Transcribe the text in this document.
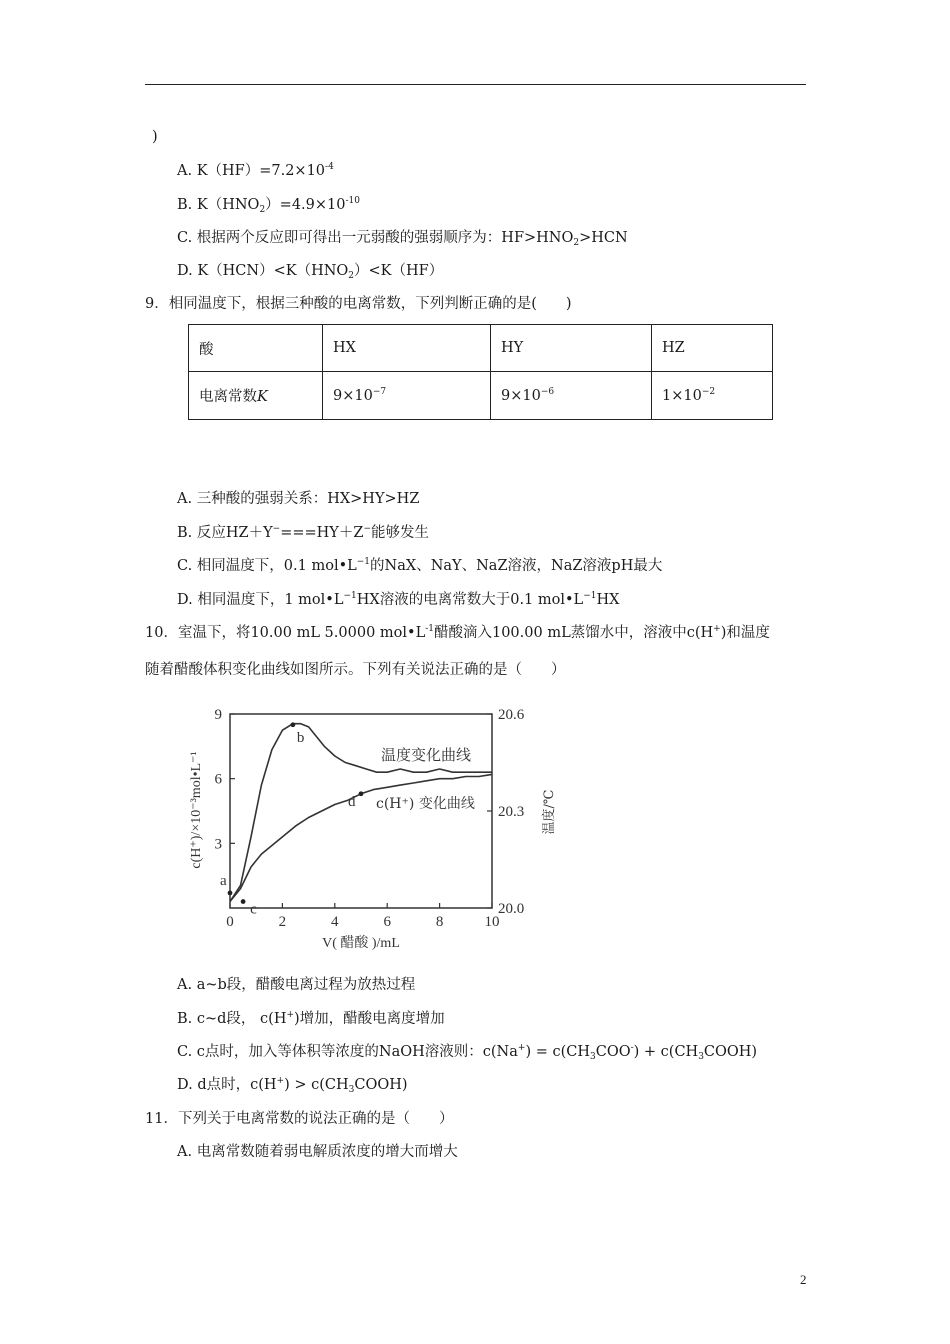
)
A. $K(HF)=7.2\times 10^{-4}$
B. $K(HNO_2)=4.9\times 10^{-10}$
C. 根据两个反应即可得出一元弱酸的强弱顺序为：$HF>HNO_2>HCN$
D. $K(HCN)<K(HNO_2)<K(HF)$
9．相同温度下，根据三种酸的电离常数，下列判断正确的是(　　)
酸	HX	HY	HZ
电离常数K	$9\times 10^{-7}$	$9\times 10^{-6}$	$1\times 10^{-2}$
A. 三种酸的强弱关系：HX>HY>HZ
B. 反应HZ＋Y−===HY＋Z−能够发生
C. 相同温度下，0.1 $mol•L^{-1}$的NaX、NaY、NaZ溶液，NaZ溶液pH最大
D. 相同温度下，1 $mol•L^{-1}HX$溶液的电离常数大于0.1 $mol•L^{-1}HX$
10．室温下，将10.00 mL 5.0000 $mol•L^{-1}$醋酸滴入100.00 mL蒸馏水中，溶液中c(H+)和温度
随着醋酸体积变化曲线如图所示。下列有关说法正确的是（　　）
3
6
9
20.0
20.3
20.6
0	2	4	6	8	10
a
b
c
d
c(H⁺)/×10⁻³mol•L⁻¹	温度/℃
V( 醋酸 )/mL
温度变化曲线
c(H⁺) 变化曲线
A. a~b段，醋酸电离过程为放热过程
B. c~d段， c(H+)增加，醋酸电离度增加
C. c点时，加入等体积等浓度的NaOH溶液则：$c(Na^+) = c(CH_3COO^-)$ + $c(CH_3COOH)$
D. d点时，$c(H^+) > c(CH_3COOH)$
11．下列关于电离常数的说法正确的是（　　）
A. 电离常数随着弱电解质浓度的增大而增大
2
